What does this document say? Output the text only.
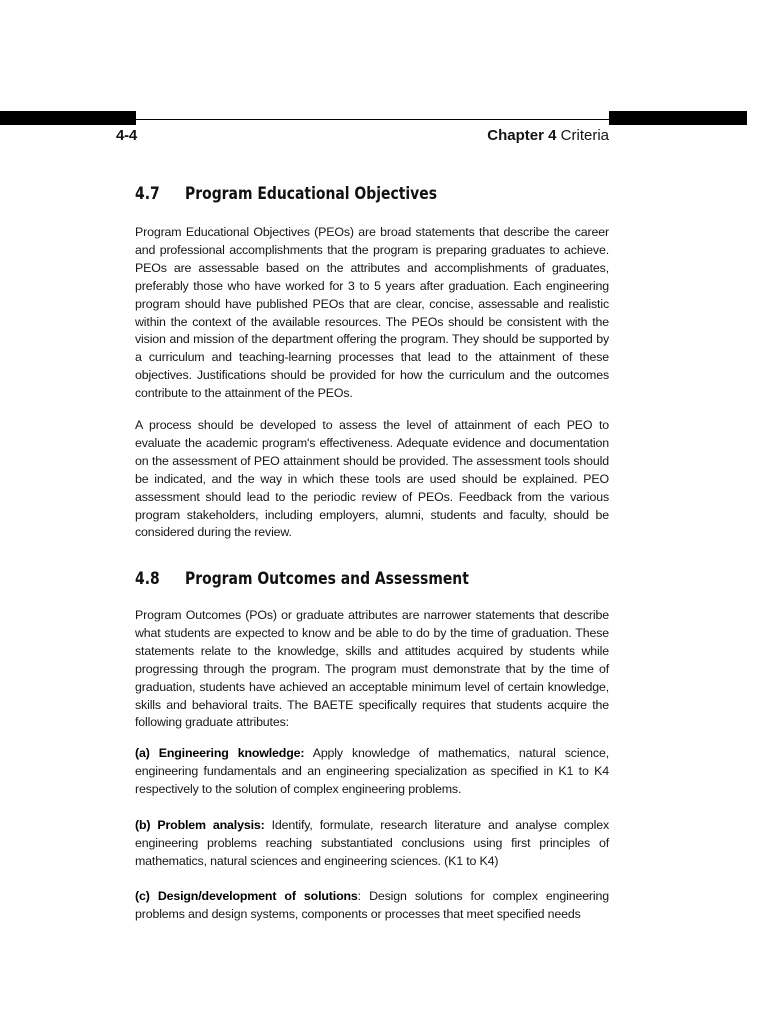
4-4	Chapter 4 Criteria
4.7 Program Educational Objectives

Program Educational Objectives (PEOs) are broad statements that describe the career and professional accomplishments that the program is preparing graduates to achieve. PEOs are assessable based on the attributes and accomplishments of graduates, preferably those who have worked for 3 to 5 years after graduation. Each engineering program should have published PEOs that are clear, concise, assessable and realistic within the context of the available resources. The PEOs should be consistent with the vision and mission of the department offering the program. They should be supported by a curriculum and teaching-learning processes that lead to the attainment of these objectives. Justifications should be provided for how the curriculum and the outcomes contribute to the attainment of the PEOs.

A process should be developed to assess the level of attainment of each PEO to evaluate the academic program's effectiveness. Adequate evidence and documentation on the assessment of PEO attainment should be provided. The assessment tools should be indicated, and the way in which these tools are used should be explained. PEO assessment should lead to the periodic review of PEOs. Feedback from the various program stakeholders, including employers, alumni, students and faculty, should be considered during the review.

4.8 Program Outcomes and Assessment

Program Outcomes (POs) or graduate attributes are narrower statements that describe what students are expected to know and be able to do by the time of graduation. These statements relate to the knowledge, skills and attitudes acquired by students while progressing through the program. The program must demonstrate that by the time of graduation, students have achieved an acceptable minimum level of certain knowledge, skills and behavioral traits. The BAETE specifically requires that students acquire the following graduate attributes:

(a) Engineering knowledge: Apply knowledge of mathematics, natural science, engineering fundamentals and an engineering specialization as specified in K1 to K4 respectively to the solution of complex engineering problems.

(b) Problem analysis: Identify, formulate, research literature and analyse complex engineering problems reaching substantiated conclusions using first principles of mathematics, natural sciences and engineering sciences. (K1 to K4)

(c) Design/development of solutions: Design solutions for complex engineering problems and design systems, components or processes that meet specified needs
